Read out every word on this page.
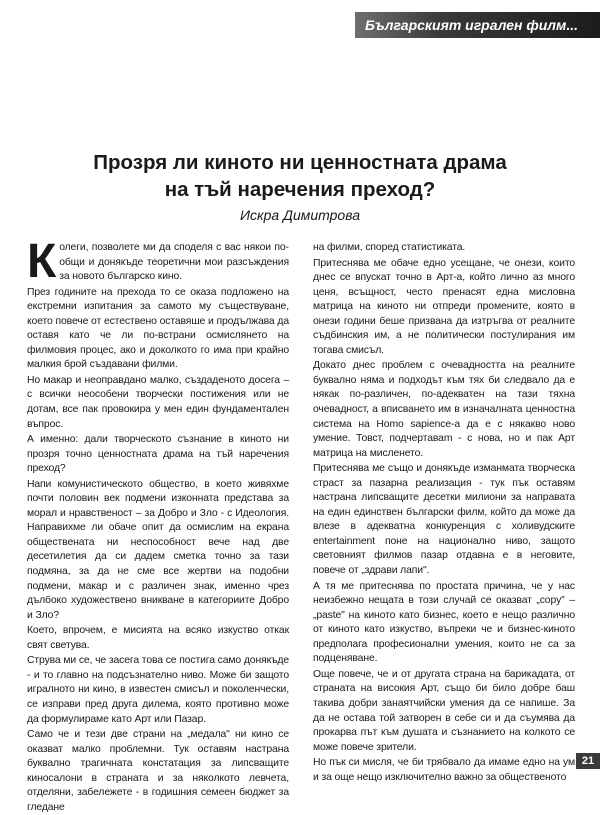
Българският игрален филм...
Прозря ли киното ни ценностната драма
на тъй наречения преход?
Искра Димитрова

Колеги, позволете ми да споделя с вас някои пообщи и донякъде теоретични мои разсъждения за новото българско кино.

През годините на прехода то се оказа подложено на екстремни изпитания за самото му съществуване, което повече от естествено оставяше и продължава да оставя като че ли по-встрани осмислянето на филмовия процес, ако и доколкото го има при крайно малкия брой създавани филми.

Но макар и неоправдано малко, създаденото досега – с всички неособени творчески постижения или не дотам, все пак провокира у мен един фундаментален въпрос.

А именно: дали творческото съзнание в киното ни прозря точно ценностната драма на тъй наречения преход?

Напи комунистическото общество, в което живяхме почти половин век подмени изконната представа за морал и нравственост – за Добро и Зло - с Идеология. Направихме ли обаче опит да осмислим на екрана обществената ни неспособност вече над две десетилетия да си дадем сметка точно за тази подмяна, за да не сме все жертви на подобни подмени, макар и с различен знак, именно чрез дълбоко художествено вникване в категориите Добро и Зло?

Което, впрочем, е мисията на всяко изкуство откак свят светува.

Струва ми се, че засега това се постига само донякъде - и то главно на подсъзнателно ниво. Може би защото игралното ни кино, в известен смисъл и поколенчески, се изправи пред друга дилема, която противно може да формулираме като Арт или Пазар.

Само че и тези две страни на „медала" ни кино се оказват малко проблемни. Тук оставям настрана буквално трагичната констатация за липсващите киносалони в страната и за няколкото левчета, отделяни, забележете - в годишния семеен бюджет за гледане

на филми, според статистиката.

Притеснява ме обаче едно усещане, че онези, които днес се впускат точно в Арт-а, който лично аз много ценя, всъщност, често пренасят една мисловна матрица на киното ни отпреди промените, която в онези години беше призвана да изтръгва от реалните съдбинския им, а не политически постулирания им тогава смисъл.

Докато днес проблем с очевадността на реалните буквално няма и подходът към тях би следвало да е някак по-различен, по-адекватен на тази тяхна очевадност, а вписването им в изначалната ценностна система на Homo sapience-a да е с някакво ново умение. Товст, подчертаваm - с нова, но и пак Арт матрица на мисленето.

Притеснява ме също и донякъде изманмата творческа страст за пазарна реализация - тук пък оставям настрана липсващите десетки милиони за направата на един единствен български филм, който да може да влезе в адекватна конкуренция с холивудските entertainment поне на национално ниво, защото световният филмов пазар отдавна е в неговите, повече от „здрави лапи".

А тя ме притеснява по простата причина, че у нас неизбежно нещата в този случай се оказват „copy" – „paste" на киното като бизнес, което е нещо различно от киното като изкуство, въпреки че и бизнес-киното предполага професионални умения, които не са за подценяване.

Още повече, че и от другата страна на барикадата, от страната на високия Арт, също би било добре баш такива добри занаятчийски умения да се напише. За да не остава той затворен в себе си и да съумява да прокарва път към душата и съзнанието на колкото се може повече зрители.

Но пък си мисля, че би трябвало да имаме едно на ум и за още нещо изключително важно за общественото

21
